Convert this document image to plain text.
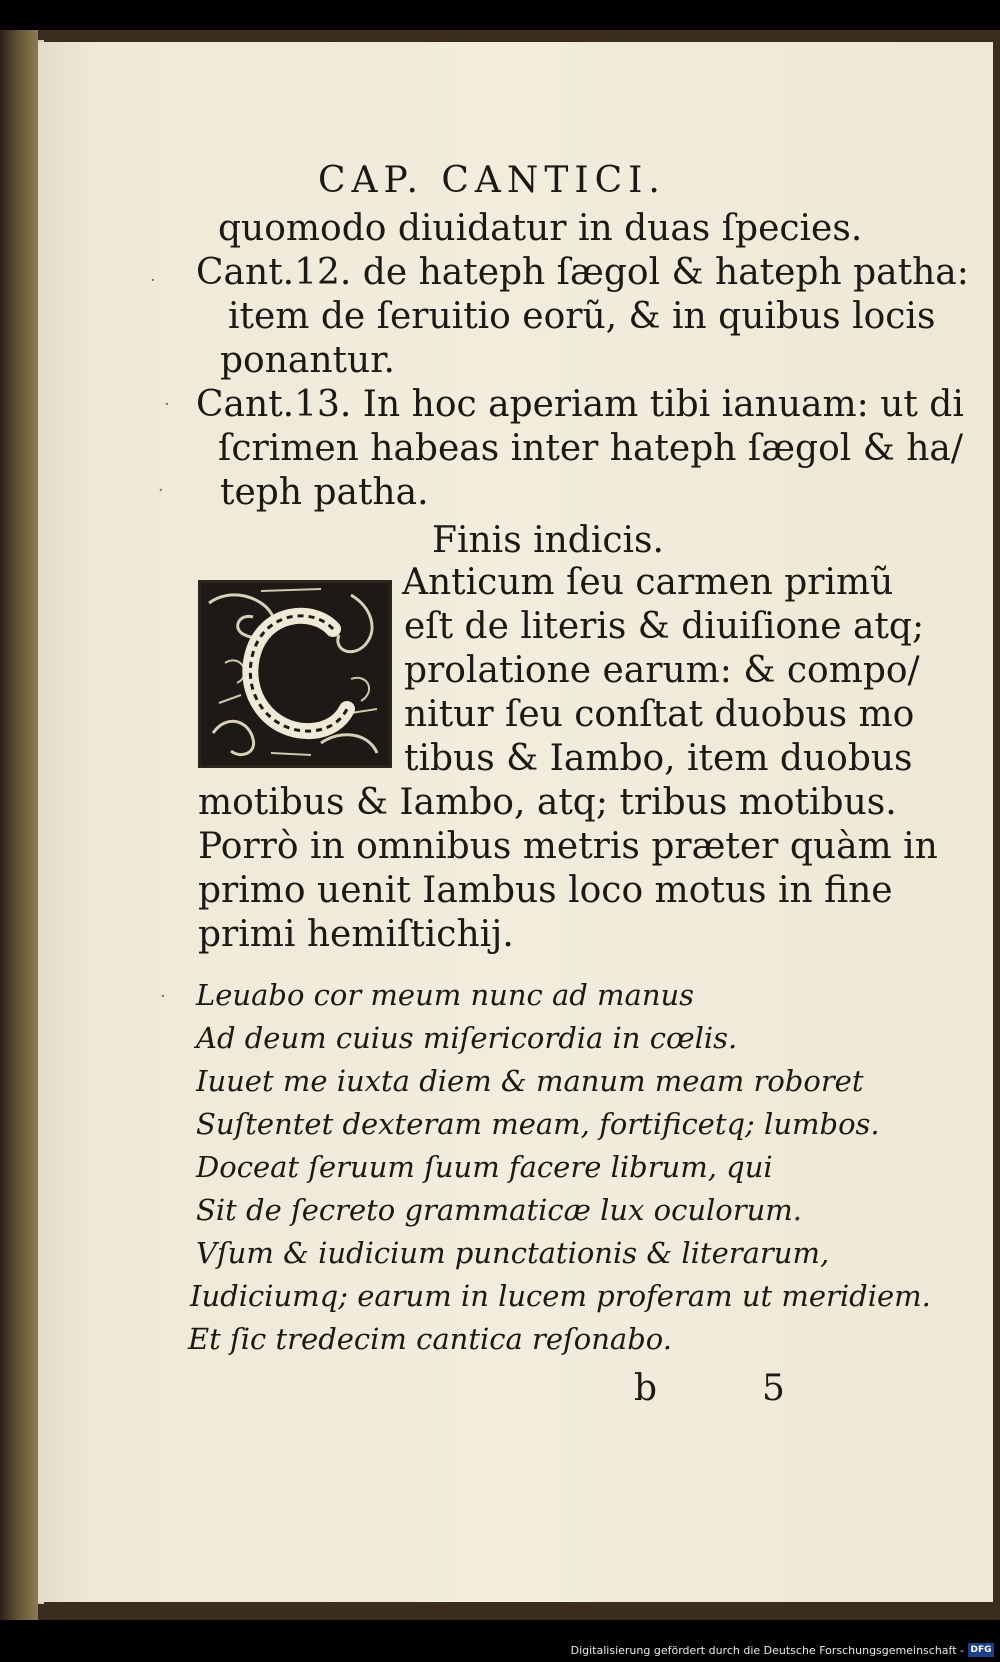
CAP. CANTICI.
quomodo diuidatur in duas ſpecies.
Cant.12. de hateph ſægol & hateph patha:
item de ſeruitio eorũ, & in quibus locis
ponantur.
Cant.13. In hoc aperiam tibi ianuam: ut di
ſcrimen habeas inter hateph ſægol & ha/
teph patha.
Finis indicis.
Anticum ſeu carmen primũ
eſt de literis & diuiſione atq;
prolatione earum: & compo/
nitur ſeu conſtat duobus mo
tibus & Iambo, item duobus
motibus & Iambo, atq; tribus motibus.
Porrò in omnibus metris præter quàm in
primo uenit Iambus loco motus in fine
primi hemiſtichij.
Leuabo cor meum nunc ad manus
Ad deum cuius miſericordia in cœlis.
Iuuet me iuxta diem & manum meam roboret
Suſtentet dexteram meam, fortificetq; lumbos.
Doceat ſeruum ſuum facere librum, qui
Sit de ſecreto grammaticæ lux oculorum.
Vſum & iudicium punctationis & literarum,
Iudiciumq; earum in lucem proferam ut meridiem.
Et ſic tredecim cantica reſonabo.
b	5
·
·
·
·
Digitalisierung gefördert durch die Deutsche Forschungsgemeinschaft - DFG
